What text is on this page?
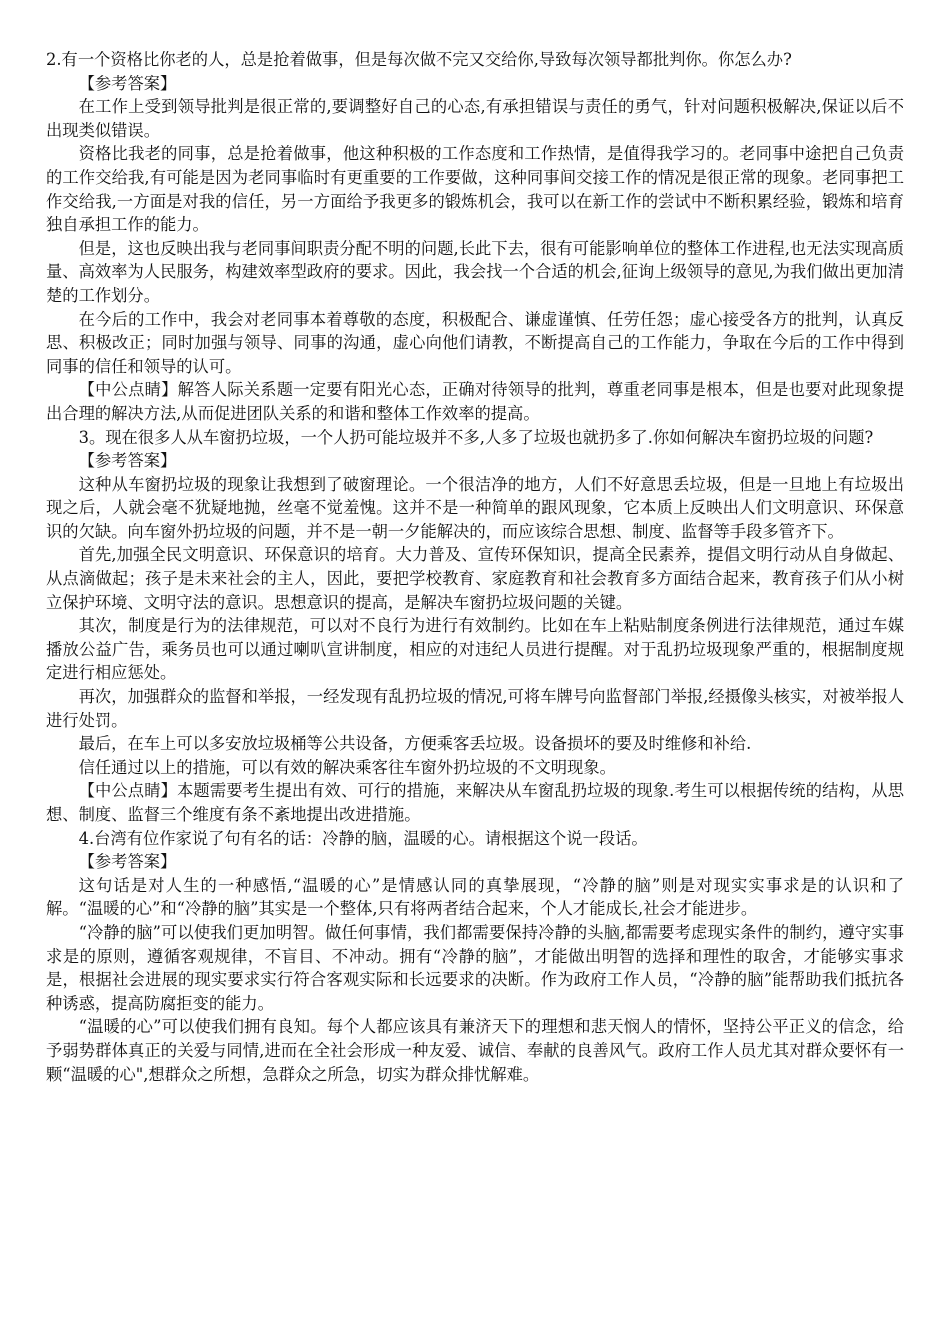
2.有一个资格比你老的人，总是抢着做事，但是每次做不完又交给你,导致每次领导都批判你。你怎么办?

【参考答案】

在工作上受到领导批判是很正常的,要调整好自己的心态,有承担错误与责任的勇气，针对问题积极解决,保证以后不出现类似错误。

资格比我老的同事，总是抢着做事，他这种积极的工作态度和工作热情，是值得我学习的。老同事中途把自己负责的工作交给我,有可能是因为老同事临时有更重要的工作要做，这种同事间交接工作的情况是很正常的现象。老同事把工作交给我,一方面是对我的信任，另一方面给予我更多的锻炼机会，我可以在新工作的尝试中不断积累经验，锻炼和培育独自承担工作的能力。

但是，这也反映出我与老同事间职责分配不明的问题,长此下去，很有可能影响单位的整体工作进程,也无法实现高质量、高效率为人民服务，构建效率型政府的要求。因此，我会找一个合适的机会,征询上级领导的意见,为我们做出更加清楚的工作划分。

在今后的工作中，我会对老同事本着尊敬的态度，积极配合、谦虚谨慎、任劳任怨；虚心接受各方的批判，认真反思、积极改正；同时加强与领导、同事的沟通，虚心向他们请教，不断提高自己的工作能力，争取在今后的工作中得到同事的信任和领导的认可。

【中公点睛】解答人际关系题一定要有阳光心态，正确对待领导的批判，尊重老同事是根本，但是也要对此现象提出合理的解决方法,从而促进团队关系的和谐和整体工作效率的提高。

3。现在很多人从车窗扔垃圾，一个人扔可能垃圾并不多,人多了垃圾也就扔多了.你如何解决车窗扔垃圾的问题?

【参考答案】

这种从车窗扔垃圾的现象让我想到了破窗理论。一个很洁净的地方，人们不好意思丢垃圾，但是一旦地上有垃圾出现之后，人就会毫不犹疑地抛，丝毫不觉羞愧。这并不是一种简单的跟风现象，它本质上反映出人们文明意识、环保意识的欠缺。向车窗外扔垃圾的问题，并不是一朝一夕能解决的，而应该综合思想、制度、监督等手段多管齐下。

首先,加强全民文明意识、环保意识的培育。大力普及、宣传环保知识，提高全民素养，提倡文明行动从自身做起、从点滴做起；孩子是未来社会的主人，因此，要把学校教育、家庭教育和社会教育多方面结合起来，教育孩子们从小树立保护环境、文明守法的意识。思想意识的提高，是解决车窗扔垃圾问题的关键。

其次，制度是行为的法律规范，可以对不良行为进行有效制约。比如在车上粘贴制度条例进行法律规范，通过车媒播放公益广告，乘务员也可以通过喇叭宣讲制度，相应的对违纪人员进行提醒。对于乱扔垃圾现象严重的，根据制度规定进行相应惩处。

再次，加强群众的监督和举报，一经发现有乱扔垃圾的情况,可将车牌号向监督部门举报,经摄像头核实，对被举报人进行处罚。

最后，在车上可以多安放垃圾桶等公共设备，方便乘客丢垃圾。设备损坏的要及时维修和补给.

信任通过以上的措施，可以有效的解决乘客往车窗外扔垃圾的不文明现象。

【中公点睛】本题需要考生提出有效、可行的措施，来解决从车窗乱扔垃圾的现象.考生可以根据传统的结构，从思想、制度、监督三个维度有条不紊地提出改进措施。

4.台湾有位作家说了句有名的话：冷静的脑，温暖的心。请根据这个说一段话。

【参考答案】

这句话是对人生的一种感悟,“温暖的心”是情感认同的真挚展现，“冷静的脑”则是对现实实事求是的认识和了解。“温暖的心”和“冷静的脑”其实是一个整体,只有将两者结合起来，个人才能成长,社会才能进步。

“冷静的脑”可以使我们更加明智。做任何事情，我们都需要保持冷静的头脑,都需要考虑现实条件的制约，遵守实事求是的原则，遵循客观规律，不盲目、不冲动。拥有“冷静的脑”，才能做出明智的选择和理性的取舍，才能够实事求是，根据社会进展的现实要求实行符合客观实际和长远要求的决断。作为政府工作人员，“冷静的脑”能帮助我们抵抗各种诱惑，提高防腐拒变的能力。

“温暖的心”可以使我们拥有良知。每个人都应该具有兼济天下的理想和悲天悯人的情怀，坚持公平正义的信念，给予弱势群体真正的关爱与同情,进而在全社会形成一种友爱、诚信、奉献的良善风气。政府工作人员尤其对群众要怀有一颗“温暖的心",想群众之所想，急群众之所急，切实为群众排忧解难。
